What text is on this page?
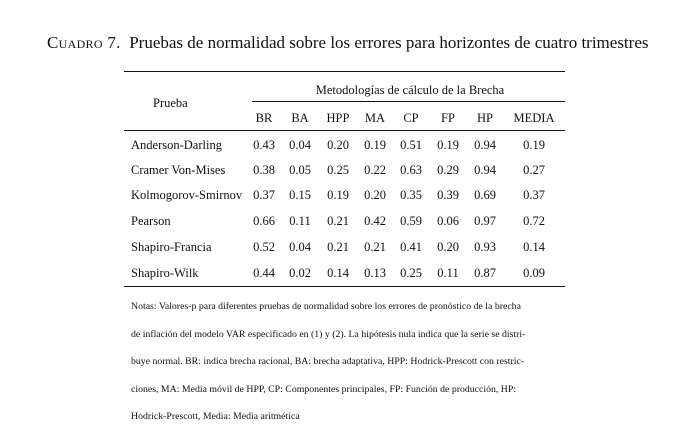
Cuadro 7. Pruebas de normalidad sobre los errores para horizontes de cuatro trimestres
Prueba
Metodologías de cálculo de la Brecha
BR	BA	HPP	MA	CP	FP	HP	MEDIA
Anderson-Darling	0.43	0.04	0.20	0.19	0.51	0.19	0.94	0.19
Cramer Von-Mises	0.38	0.05	0.25	0.22	0.63	0.29	0.94	0.27
Kolmogorov-Smirnov 0.37	0.15	0.19	0.20	0.35	0.39	0.69	0.37
Pearson	0.66	0.11	0.21	0.42	0.59	0.06	0.97	0.72
Shapiro-Francia	0.52	0.04	0.21	0.21	0.41	0.20	0.93	0.14
Shapiro-Wilk	0.44	0.02	0.14	0.13	0.25	0.11	0.87	0.09
Notas: Valores-p para diferentes pruebas de normalidad sobre los errores de pronóstico de la brecha
de inflación del modelo VAR especificado en (1) y (2). La hipótesis nula indica que la serie se distri-
buye normal. BR: indica brecha racional, BA: brecha adaptativa, HPP: Hodrick-Prescott con restric-
ciones, MA: Media móvil de HPP, CP: Componentes principales, FP: Función de producción, HP:
Hodrick-Prescott, Media: Media aritmética
